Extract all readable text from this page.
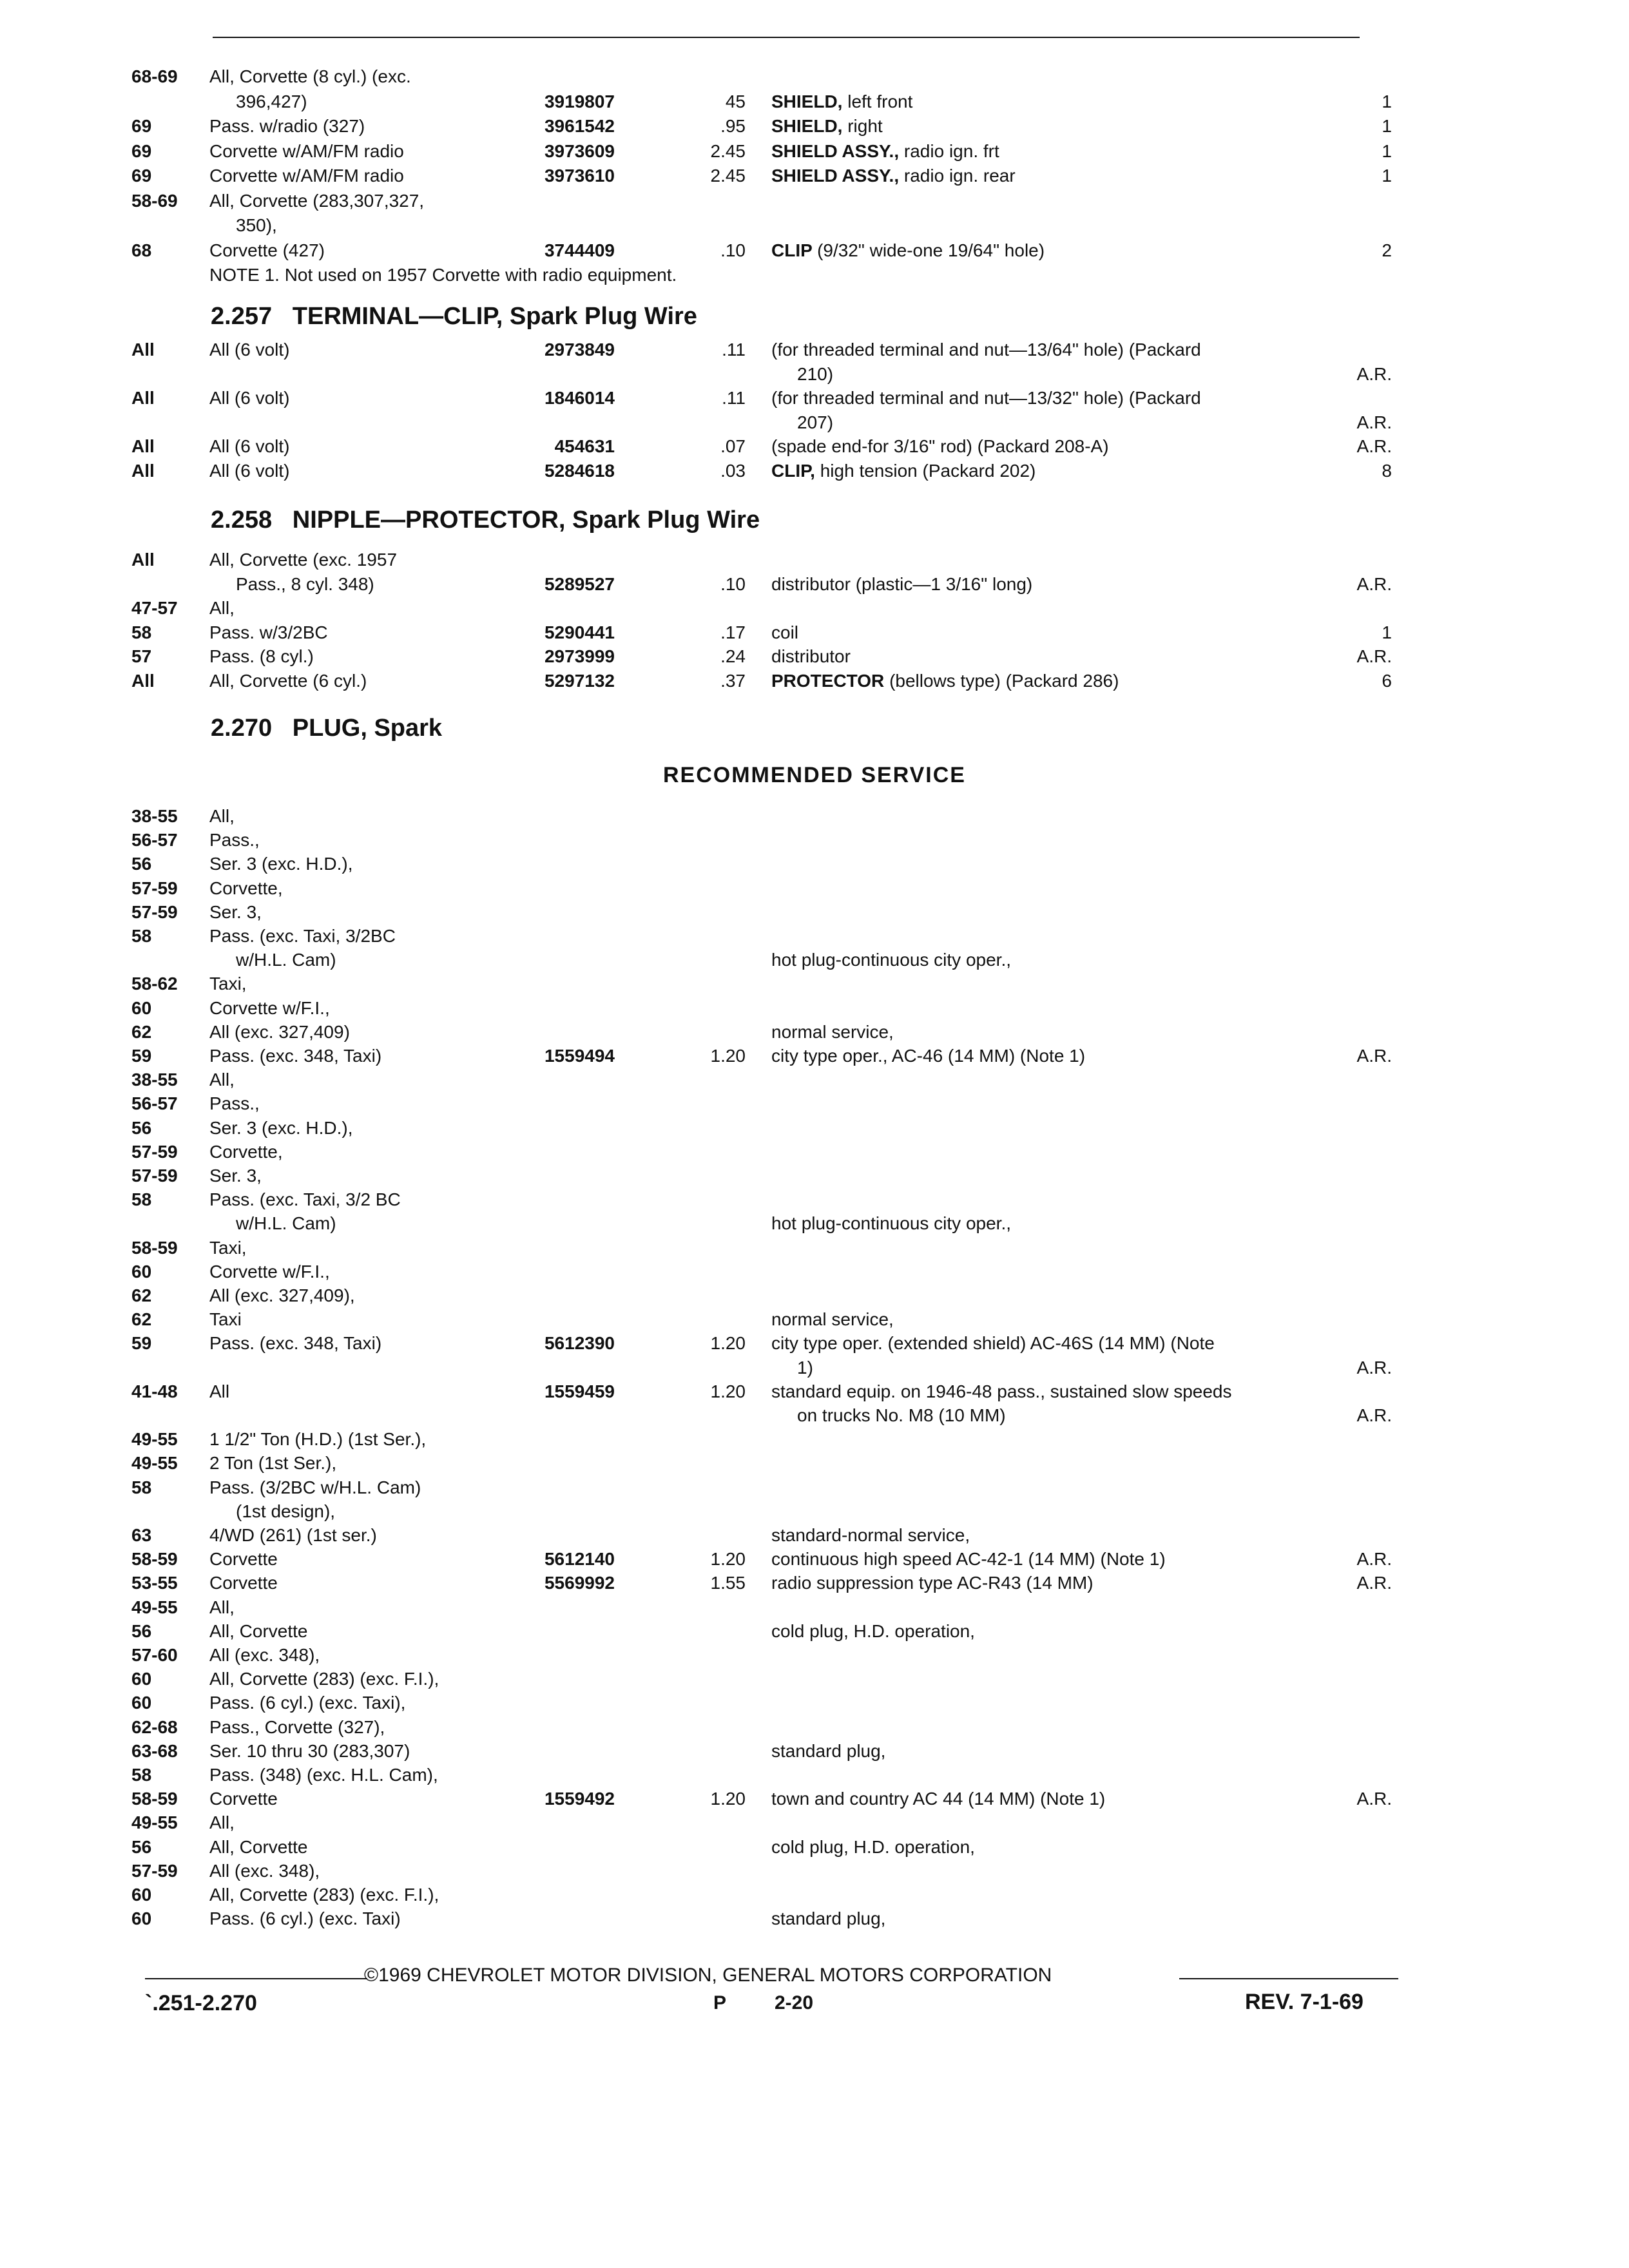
68-69 All, Corvette (8 cyl.) (exc.
396,427)	3919807	45 SHIELD, left front	1
69	Pass. w/radio (327)	3961542	.95 SHIELD, right	1
69	Corvette w/AM/FM radio	3973609	2.45 SHIELD ASSY., radio ign. frt	1
69	Corvette w/AM/FM radio	3973610	2.45 SHIELD ASSY., radio ign. rear	1
58-69 All, Corvette (283,307,327,
350),
68	Corvette (427)	3744409	.10 CLIP (9/32" wide-one 19/64" hole)	2
NOTE 1. Not used on 1957 Corvette with radio equipment.
All	All (6 volt)	2973849	.11 (for threaded terminal and nut—13/64" hole) (Packard
210)	A.R.
All	All (6 volt)	1846014	.11 (for threaded terminal and nut—13/32" hole) (Packard
207)	A.R.
All	All (6 volt)	454631	.07 (spade end-for 3/16" rod) (Packard 208-A)	A.R.
All	All (6 volt)	5284618	.03 CLIP, high tension (Packard 202)	8
All	All, Corvette (exc. 1957
Pass., 8 cyl. 348)	5289527	.10 distributor (plastic—1 3/16" long)	A.R.
47-57 All,
58	Pass. w/3/2BC	5290441	.17 coil	1
57	Pass. (8 cyl.)	2973999	.24 distributor	A.R.
All	All, Corvette (6 cyl.)	5297132	.37 PROTECTOR (bellows type) (Packard 286)	6
38-55 All,
56-57 Pass.,
56	Ser. 3 (exc. H.D.),
57-59 Corvette,
57-59 Ser. 3,
58	Pass. (exc. Taxi, 3/2BC
w/H.L. Cam)	hot plug-continuous city oper.,
58-62 Taxi,
60	Corvette w/F.I.,
62	All (exc. 327,409)	normal service,
59	Pass. (exc. 348, Taxi)	1559494	1.20 city type oper., AC-46 (14 MM) (Note 1)	A.R.
38-55 All,
56-57 Pass.,
56	Ser. 3 (exc. H.D.),
57-59 Corvette,
57-59 Ser. 3,
58	Pass. (exc. Taxi, 3/2 BC
w/H.L. Cam)	hot plug-continuous city oper.,
58-59 Taxi,
60	Corvette w/F.I.,
62	All (exc. 327,409),
62	Taxi	normal service,
59	Pass. (exc. 348, Taxi)	5612390	1.20 city type oper. (extended shield) AC-46S (14 MM) (Note
1)	A.R.
41-48 All	1559459	1.20 standard equip. on 1946-48 pass., sustained slow speeds
on trucks No. M8 (10 MM)	A.R.
49-55 1 1/2" Ton (H.D.) (1st Ser.),
49-55 2 Ton (1st Ser.),
58	Pass. (3/2BC w/H.L. Cam)
(1st design),
63	4/WD (261) (1st ser.)	standard-normal service,
58-59 Corvette	5612140	1.20 continuous high speed AC-42-1 (14 MM) (Note 1)	A.R.
53-55 Corvette	5569992	1.55 radio suppression type AC-R43 (14 MM)	A.R.
49-55 All,
56	All, Corvette	cold plug, H.D. operation,
57-60 All (exc. 348),
60	All, Corvette (283) (exc. F.I.),
60	Pass. (6 cyl.) (exc. Taxi),
62-68 Pass., Corvette (327),
63-68 Ser. 10 thru 30 (283,307)	standard plug,
58	Pass. (348) (exc. H.L. Cam),
58-59 Corvette	1559492	1.20 town and country AC 44 (14 MM) (Note 1)	A.R.
49-55 All,
56	All, Corvette	cold plug, H.D. operation,
57-59 All (exc. 348),
60	All, Corvette (283) (exc. F.I.),
60	Pass. (6 cyl.) (exc. Taxi)	standard plug,
2.257 TERMINAL—CLIP, Spark Plug Wire
2.258 NIPPLE—PROTECTOR, Spark Plug Wire
2.270 PLUG, Spark
RECOMMENDED SERVICE
©1969 CHEVROLET MOTOR DIVISION, GENERAL MOTORS CORPORATION
`.251-2.270	P 2-20	REV. 7-1-69
